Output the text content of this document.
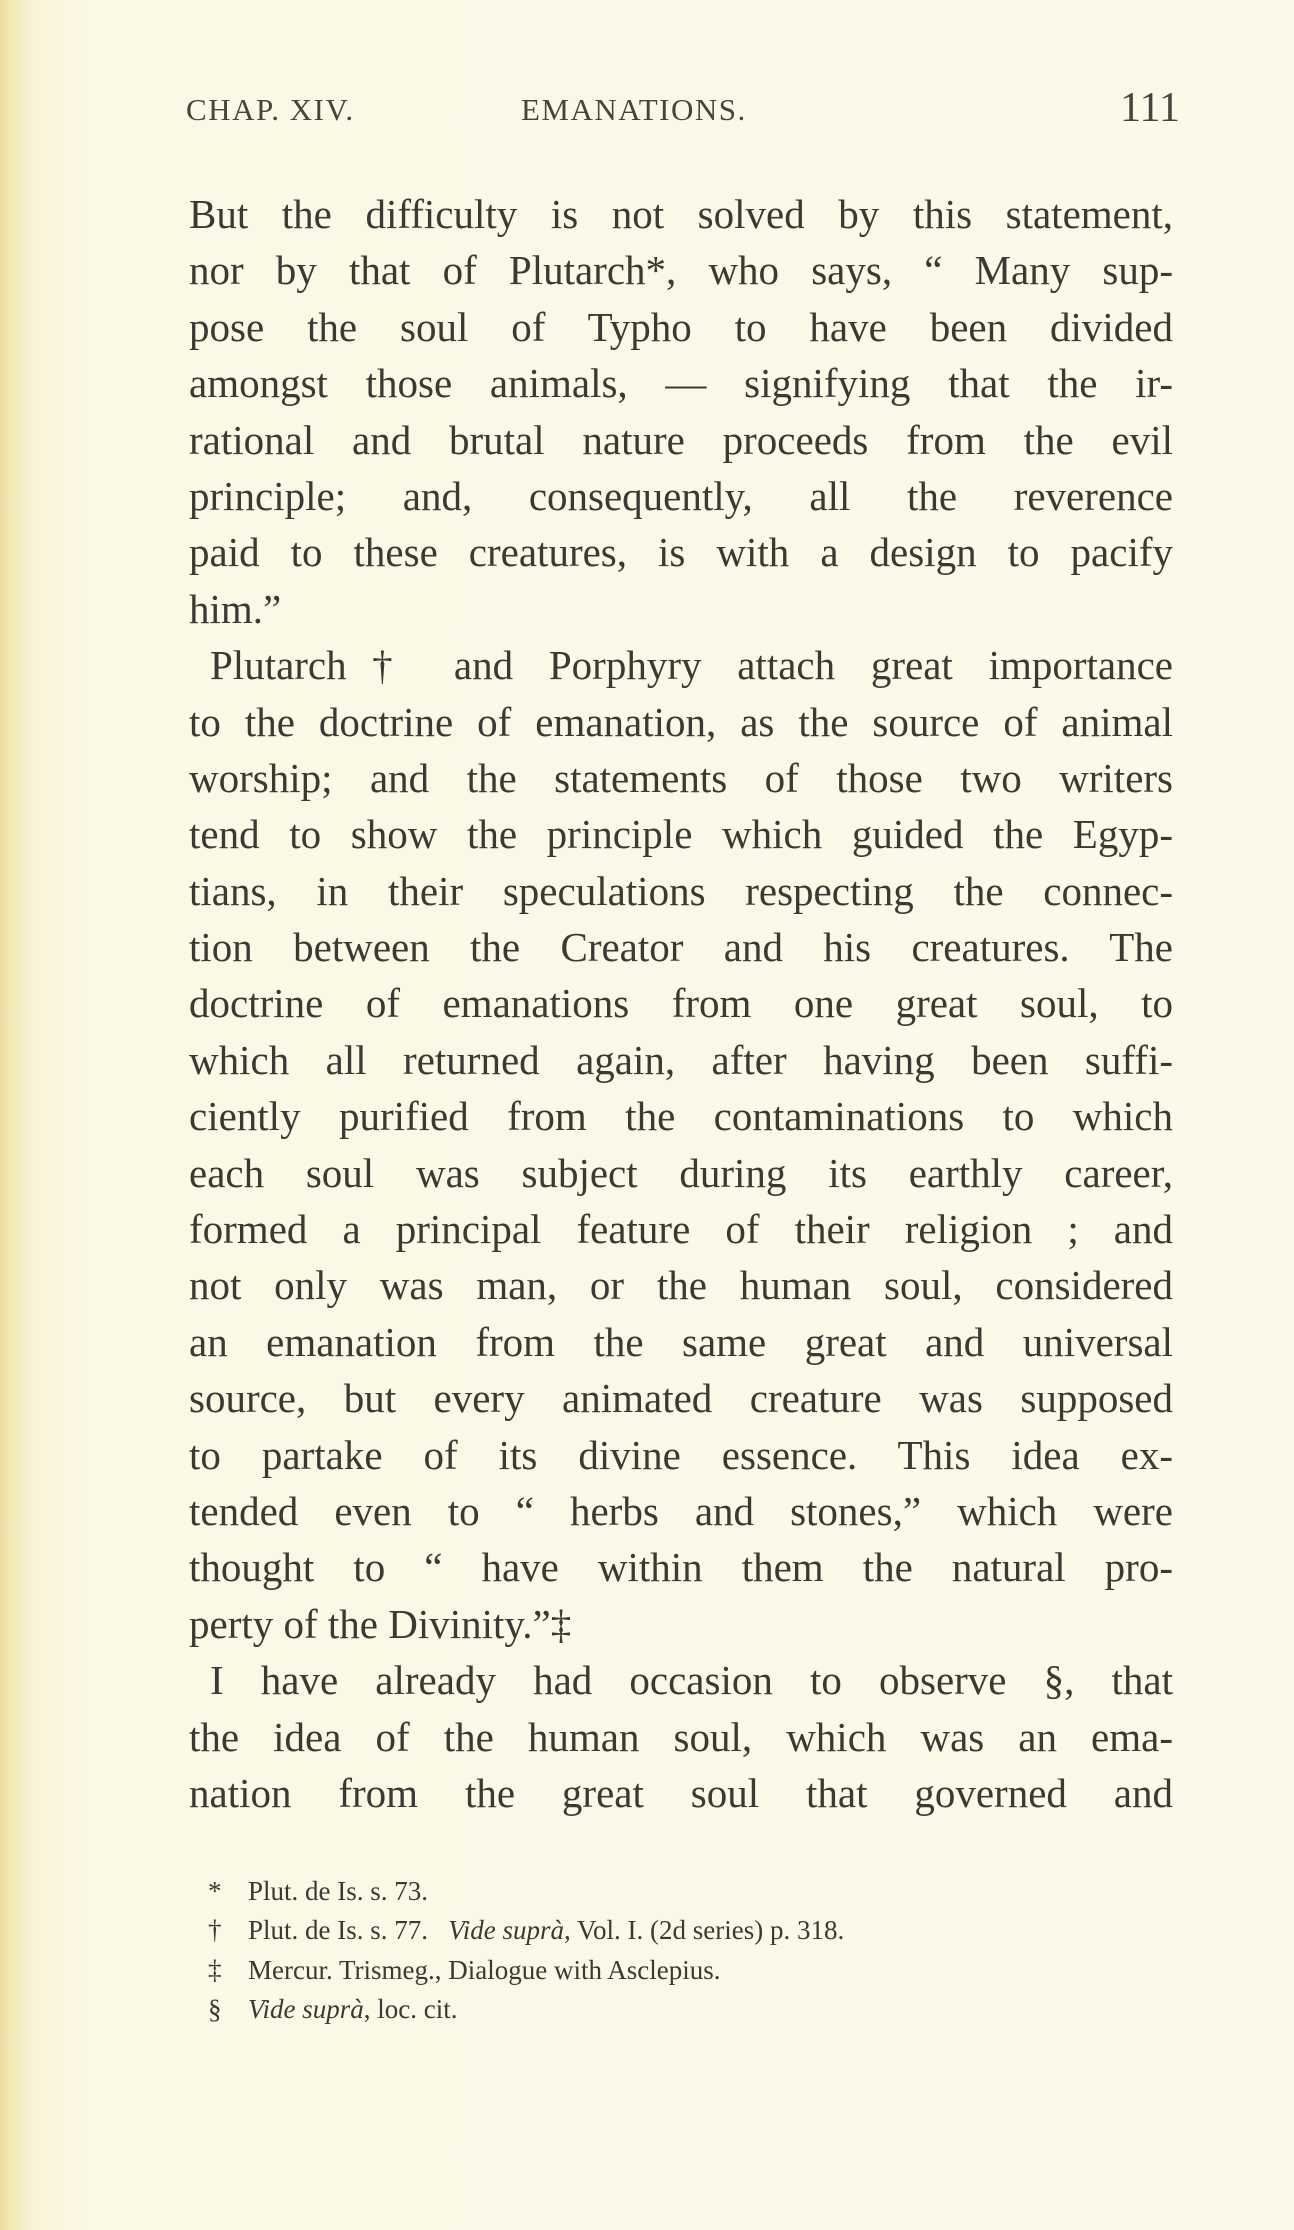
CHAP. XIV.	EMANATIONS.	111
But the difficulty is not solved by this statement,
nor by that of Plutarch*, who says, “ Many sup-
pose the soul of Typho to have been divided
amongst those animals, — signifying that the ir-
rational and brutal nature proceeds from the evil
principle; and, consequently, all the reverence
paid to these creatures, is with a design to pacify
him.”
Plutarch† and Porphyry attach great importance
to the doctrine of emanation, as the source of animal
worship; and the statements of those two writers
tend to show the principle which guided the Egyp-
tians, in their speculations respecting the connec-
tion between the Creator and his creatures. The
doctrine of emanations from one great soul, to
which all returned again, after having been suffi-
ciently purified from the contaminations to which
each soul was subject during its earthly career,
formed a principal feature of their religion ; and
not only was man, or the human soul, considered
an emanation from the same great and universal
source, but every animated creature was supposed
to partake of its divine essence. This idea ex-
tended even to “ herbs and stones,” which were
thought to “ have within them the natural pro-
perty of the Divinity.”‡
I have already had occasion to observe §, that
the idea of the human soul, which was an ema-
nation from the great soul that governed and
* Plut. de Is. s. 73.
† Plut. de Is. s. 77.   Vide suprà, Vol. I. (2d series) p. 318.
‡ Mercur. Trismeg., Dialogue with Asclepius.
§ Vide suprà, loc. cit.
